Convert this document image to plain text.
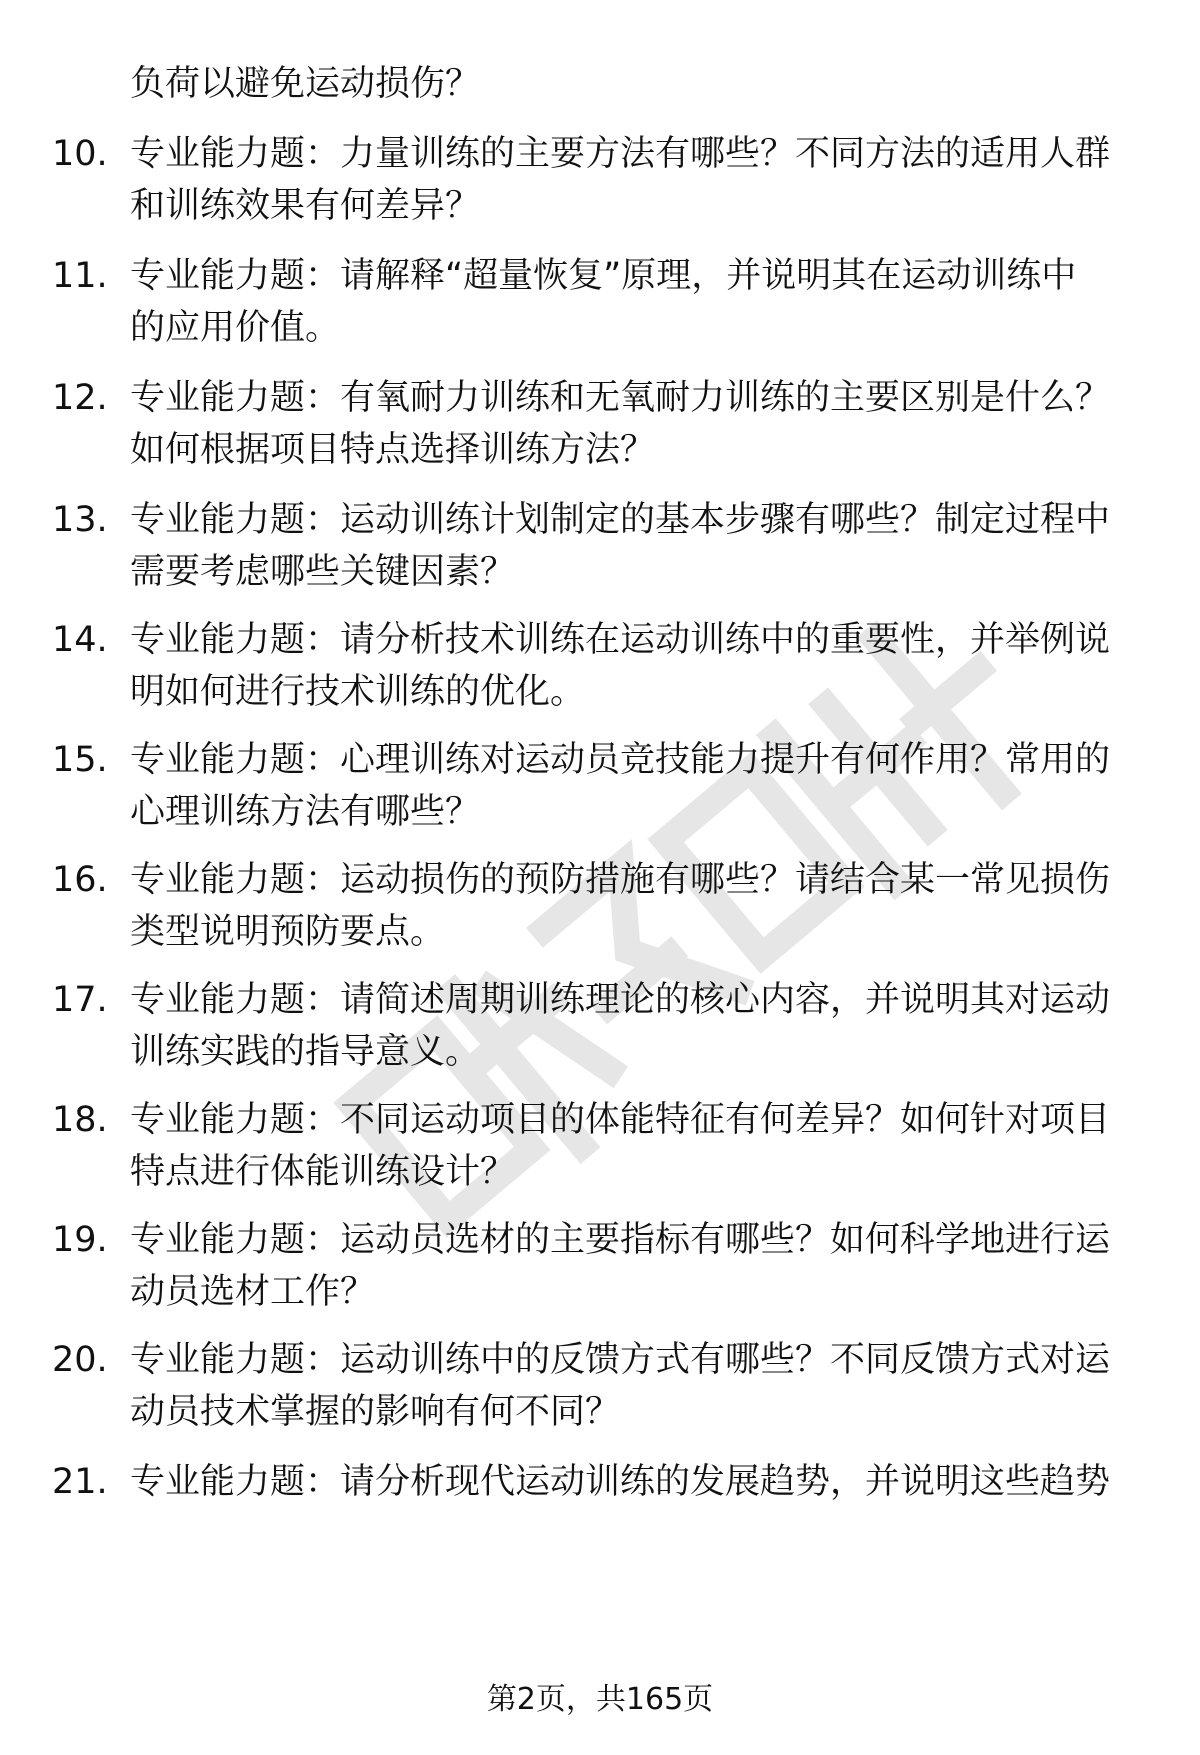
负荷以避免运动损伤？
10. 专业能力题：力量训练的主要方法有哪些？不同方法的适用人群
和训练效果有何差异？
11. 专业能力题：请解释“超量恢复”原理，并说明其在运动训练中
的应用价值。
12. 专业能力题：有氧耐力训练和无氧耐力训练的主要区别是什么？
如何根据项目特点选择训练方法？
13. 专业能力题：运动训练计划制定的基本步骤有哪些？制定过程中
需要考虑哪些关键因素？
14. 专业能力题：请分析技术训练在运动训练中的重要性，并举例说
明如何进行技术训练的优化。
15. 专业能力题：心理训练对运动员竞技能力提升有何作用？常用的
心理训练方法有哪些？
16. 专业能力题：运动损伤的预防措施有哪些？请结合某一常见损伤
类型说明预防要点。
17. 专业能力题：请简述周期训练理论的核心内容，并说明其对运动
训练实践的指导意义。
18. 专业能力题：不同运动项目的体能特征有何差异？如何针对项目
特点进行体能训练设计？
19. 专业能力题：运动员选材的主要指标有哪些？如何科学地进行运
动员选材工作？
20. 专业能力题：运动训练中的反馈方式有哪些？不同反馈方式对运
动员技术掌握的影响有何不同？
21. 专业能力题：请分析现代运动训练的发展趋势，并说明这些趋势
第2页，共165页
